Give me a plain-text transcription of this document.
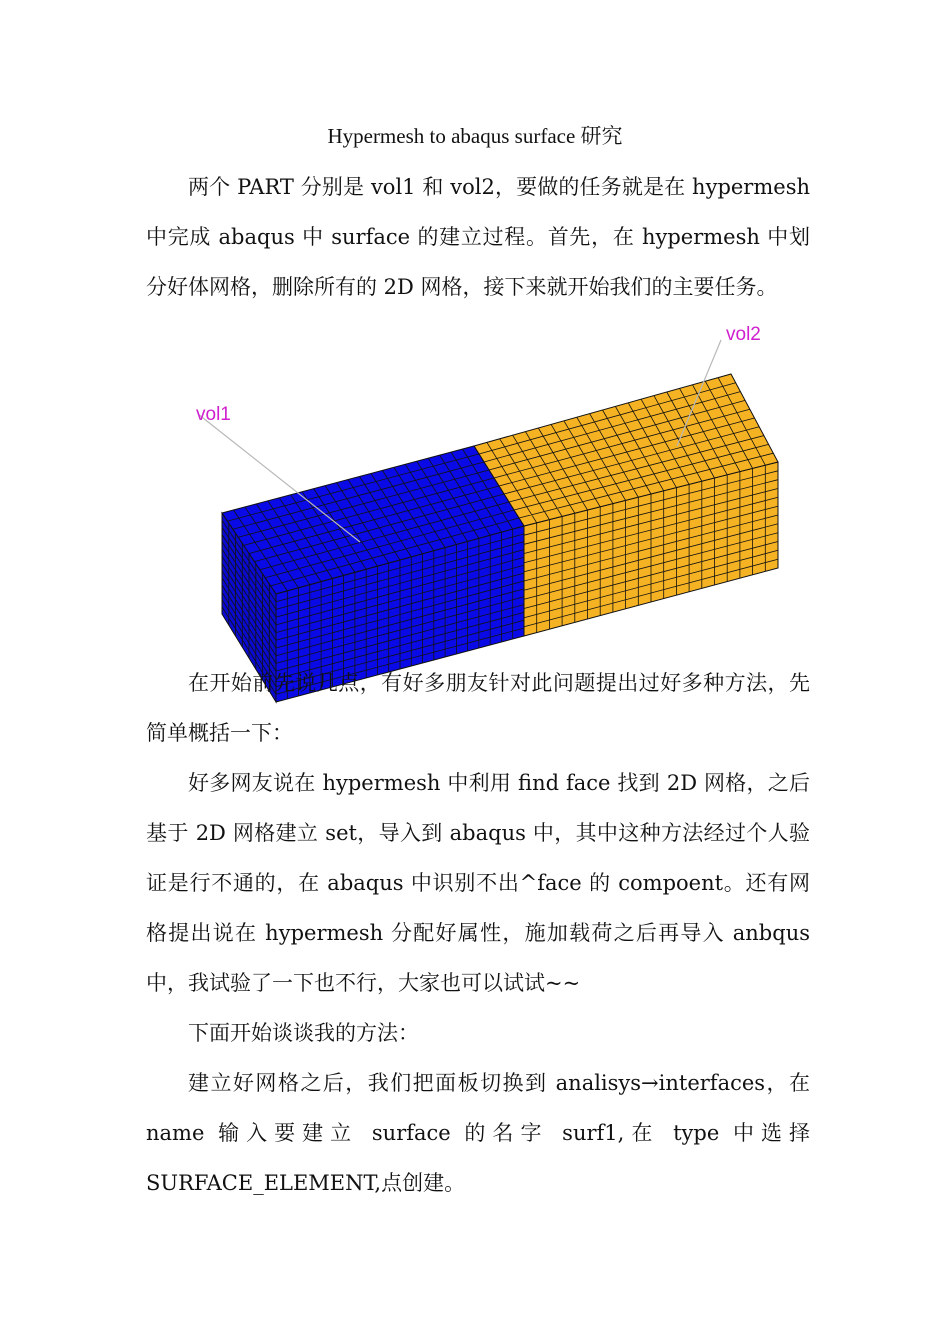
Hypermesh to abaqus surface 研究

两个 PART 分别是 vol1 和 vol2，要做的任务就是在 hypermesh 中完成 abaqus 中 surface 的建立过程。首先，在 hypermesh 中划分好体网格，删除所有的 2D 网格，接下来就开始我们的主要任务。

vol1
vol2

在开始前先说几点，有好多朋友针对此问题提出过好多种方法，先简单概括一下：

好多网友说在 hypermesh 中利用 find face 找到 2D 网格，之后基于 2D 网格建立 set，导入到 abaqus 中，其中这种方法经过个人验证是行不通的，在 abaqus 中识别不出^face 的 compoent。还有网格提出说在 hypermesh 分配好属性，施加载荷之后再导入 anbqus 中，我试验了一下也不行，大家也可以试试~~

下面开始谈谈我的方法：

建立好网格之后，我们把面板切换到 analisys→interfaces，在 name 输入要建立 surface 的名字 surf1,在 type 中选择 SURFACE_ELEMENT,点创建。
